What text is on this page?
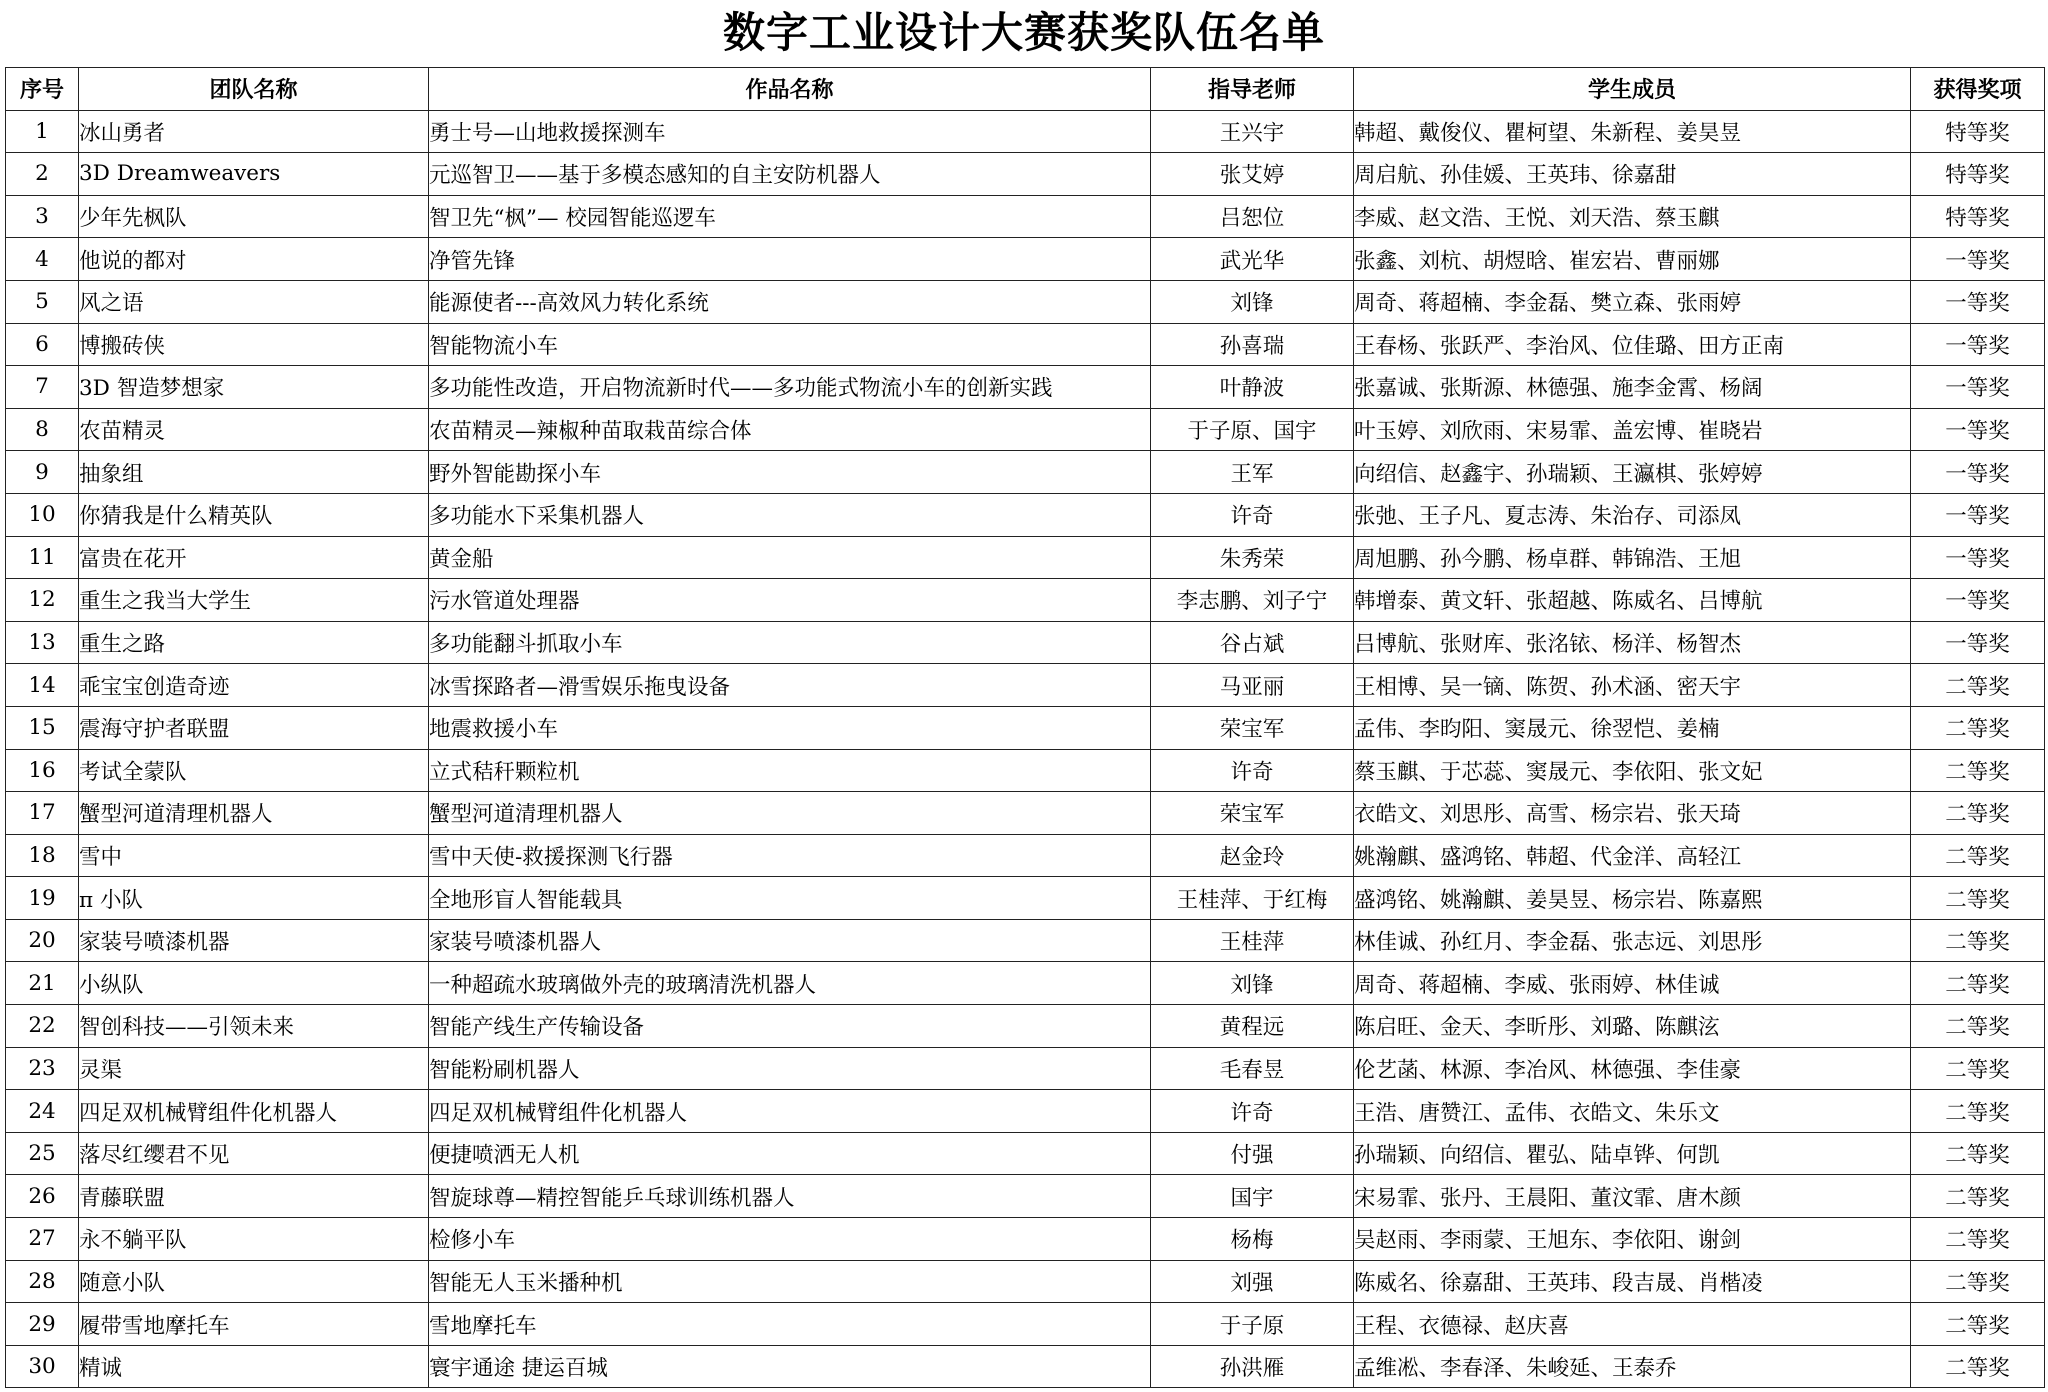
数字工业设计大赛获奖队伍名单
序号	团队名称	作品名称	指导老师	学生成员	获得奖项
1	冰山勇者	勇士号—山地救援探测车	王兴宇	韩超、戴俊仪、瞿柯望、朱新程、姜昊昱	特等奖
2	3D Dreamweavers	元巡智卫——基于多模态感知的自主安防机器人	张艾婷	周启航、孙佳媛、王英玮、徐嘉甜	特等奖
3	少年先枫队	智卫先“枫”— 校园智能巡逻车	吕恕位	李威、赵文浩、王悦、刘天浩、蔡玉麒	特等奖
4	他说的都对	净管先锋	武光华	张鑫、刘杭、胡煜晗、崔宏岩、曹丽娜	一等奖
5	风之语	能源使者---高效风力转化系统	刘锋	周奇、蒋超楠、李金磊、樊立森、张雨婷	一等奖
6	博搬砖侠	智能物流小车	孙喜瑞	王春杨、张跃严、李治风、位佳璐、田方正南	一等奖
7	3D 智造梦想家	多功能性改造，开启物流新时代——多功能式物流小车的创新实践	叶静波	张嘉诚、张斯源、林德强、施李金霄、杨阔	一等奖
8	农苗精灵	农苗精灵—辣椒种苗取栽苗综合体	于子原、国宇	叶玉婷、刘欣雨、宋易霏、盖宏博、崔晓岩	一等奖
9	抽象组	野外智能勘探小车	王军	向绍信、赵鑫宇、孙瑞颖、王瀛棋、张婷婷	一等奖
10	你猜我是什么精英队	多功能水下采集机器人	许奇	张弛、王子凡、夏志涛、朱治存、司添凤	一等奖
11	富贵在花开	黄金船	朱秀荣	周旭鹏、孙今鹏、杨卓群、韩锦浩、王旭	一等奖
12	重生之我当大学生	污水管道处理器	李志鹏、刘子宁	韩增泰、黄文轩、张超越、陈威名、吕博航	一等奖
13	重生之路	多功能翻斗抓取小车	谷占斌	吕博航、张财库、张洺铱、杨洋、杨智杰	一等奖
14	乖宝宝创造奇迹	冰雪探路者—滑雪娱乐拖曳设备	马亚丽	王相博、吴一镝、陈贺、孙术涵、密天宇	二等奖
15	震海守护者联盟	地震救援小车	荣宝军	孟伟、李昀阳、窦晟元、徐翌恺、姜楠	二等奖
16	考试全蒙队	立式秸秆颗粒机	许奇	蔡玉麒、于芯蕊、窦晟元、李依阳、张文妃	二等奖
17	蟹型河道清理机器人	蟹型河道清理机器人	荣宝军	衣皓文、刘思彤、高雪、杨宗岩、张天琦	二等奖
18	雪中	雪中天使-救援探测飞行器	赵金玲	姚瀚麒、盛鸿铭、韩超、代金洋、高轻江	二等奖
19	π 小队	全地形盲人智能载具	王桂萍、于红梅	盛鸿铭、姚瀚麒、姜昊昱、杨宗岩、陈嘉熙	二等奖
20	家装号喷漆机器	家装号喷漆机器人	王桂萍	林佳诚、孙红月、李金磊、张志远、刘思彤	二等奖
21	小纵队	一种超疏水玻璃做外壳的玻璃清洗机器人	刘锋	周奇、蒋超楠、李威、张雨婷、林佳诚	二等奖
22	智创科技——引领未来	智能产线生产传输设备	黄程远	陈启旺、金天、李昕彤、刘璐、陈麒泫	二等奖
23	灵渠	智能粉刷机器人	毛春昱	伦艺菡、林源、李冶风、林德强、李佳豪	二等奖
24	四足双机械臂组件化机器人	四足双机械臂组件化机器人	许奇	王浩、唐赞江、孟伟、衣皓文、朱乐文	二等奖
25	落尽红缨君不见	便捷喷洒无人机	付强	孙瑞颖、向绍信、瞿弘、陆卓铧、何凯	二等奖
26	青藤联盟	智旋球尊—精控智能乒乓球训练机器人	国宇	宋易霏、张丹、王晨阳、董汶霏、唐木颜	二等奖
27	永不躺平队	检修小车	杨梅	吴赵雨、李雨蒙、王旭东、李依阳、谢剑	二等奖
28	随意小队	智能无人玉米播种机	刘强	陈威名、徐嘉甜、王英玮、段吉晟、肖楷凌	二等奖
29	履带雪地摩托车	雪地摩托车	于子原	王程、衣德禄、赵庆喜	二等奖
30	精诚	寰宇通途 捷运百城	孙洪雁	孟维凇、李春泽、朱峻延、王泰乔	二等奖
